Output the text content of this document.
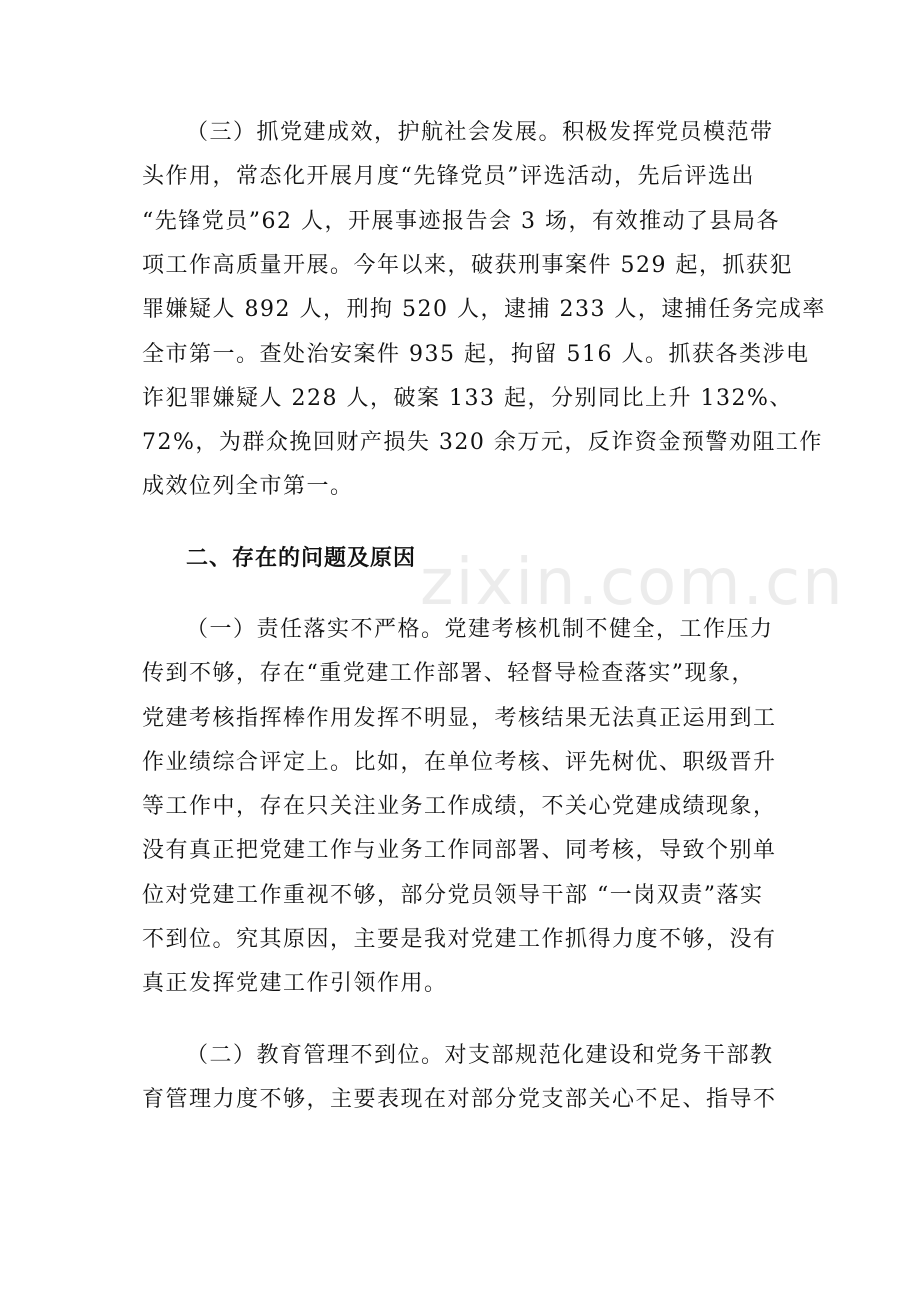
zixin.com.cn
（三）抓党建成效，护航社会发展。积极发挥党员模范带
头作用，常态化开展月度“先锋党员”评选活动，先后评选出
“先锋党员”62 人，开展事迹报告会 3 场，有效推动了县局各
项工作高质量开展。今年以来，破获刑事案件 529 起，抓获犯
罪嫌疑人 892 人，刑拘 520 人，逮捕 233 人，逮捕任务完成率
全市第一。查处治安案件 935 起，拘留 516 人。抓获各类涉电
诈犯罪嫌疑人 228 人，破案 133 起，分别同比上升 132%、
72%，为群众挽回财产损失 320 余万元，反诈资金预警劝阻工作
成效位列全市第一。
二、存在的问题及原因
（一）责任落实不严格。党建考核机制不健全，工作压力
传到不够，存在“重党建工作部署、轻督导检查落实”现象，
党建考核指挥棒作用发挥不明显，考核结果无法真正运用到工
作业绩综合评定上。比如，在单位考核、评先树优、职级晋升
等工作中，存在只关注业务工作成绩，不关心党建成绩现象，
没有真正把党建工作与业务工作同部署、同考核，导致个别单
位对党建工作重视不够，部分党员领导干部 “一岗双责”落实
不到位。究其原因，主要是我对党建工作抓得力度不够，没有
真正发挥党建工作引领作用。
（二）教育管理不到位。对支部规范化建设和党务干部教
育管理力度不够，主要表现在对部分党支部关心不足、指导不
